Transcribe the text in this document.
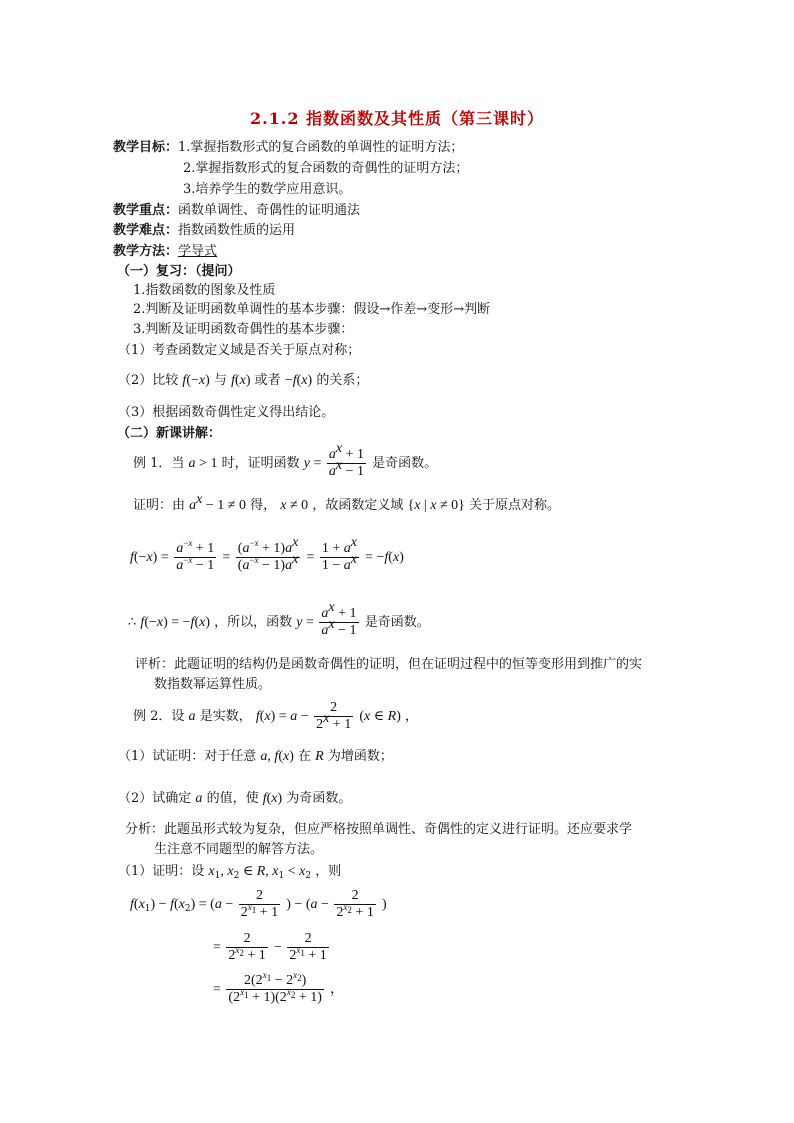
2.1.2 指数函数及其性质（第三课时）
教学目标：1.掌握指数形式的复合函数的单调性的证明方法；
2.掌握指数形式的复合函数的奇偶性的证明方法；
3.培养学生的数学应用意识。
教学重点：函数单调性、奇偶性的证明通法
教学难点：指数函数性质的运用
教学方法：学导式
（一）复习：（提问）
1.指数函数的图象及性质
2.判断及证明函数单调性的基本步骤：假设→作差→变形→判断
3.判断及证明函数奇偶性的基本步骤：
（1）考查函数定义域是否关于原点对称；
（2）比较 f(−x) 与 f(x) 或者 −f(x) 的关系；
（3）根据函数奇偶性定义得出结论。
（二）新课讲解：
例 1．当 a > 1 时，证明函数 $y = \frac{a^x + 1}{a^x - 1}$ 是奇函数。
证明：由 $a^x - 1 \ne 0$ 得， x ≠ 0 ，故函数定义域 {x | x ≠ 0} 关于原点对称。
$f(-x) = \frac{a^{-x} + 1}{a^{-x} - 1} = \frac{(a^{-x} + 1)a^x}{(a^{-x} - 1)a^x} = \frac{1 + a^x}{1 - a^x} = -f(x)$
∴ f(−x) = −f(x) ，所以，函数 $y = \frac{a^x + 1}{a^x - 1}$ 是奇函数。
评析：此题证明的结构仍是函数奇偶性的证明，但在证明过程中的恒等变形用到推广的实
数指数幂运算性质。
例 2．设 a 是实数， $f(x) = a - \frac{2}{2^x + 1} (x$ ∈ R) ，
（1）试证明：对于任意 a, f(x) 在 R 为增函数；
（2）试确定 a 的值，使 f(x) 为奇函数。
分析：此题虽形式较为复杂，但应严格按照单调性、奇偶性的定义进行证明。还应要求学
生注意不同题型的解答方法。
（1）证明：设 $x_1$, $x_2$ ∈ R, $x_1 < x_2$ ，则
$f(x_1) - f(x_2) = (a - \frac{2}{2^{x_1} + 1}$ ) − ($a - \frac{2}{2^{x_2} + 1}$ )
= $\frac{2}{2^{x_2} + 1} - \frac{2}{2^{x_1} + 1}$
= $\frac{2(2^{x_1} - 2^{x_2})}{(2^{x_1} + 1)(2^{x_2} + 1)}$ ，
